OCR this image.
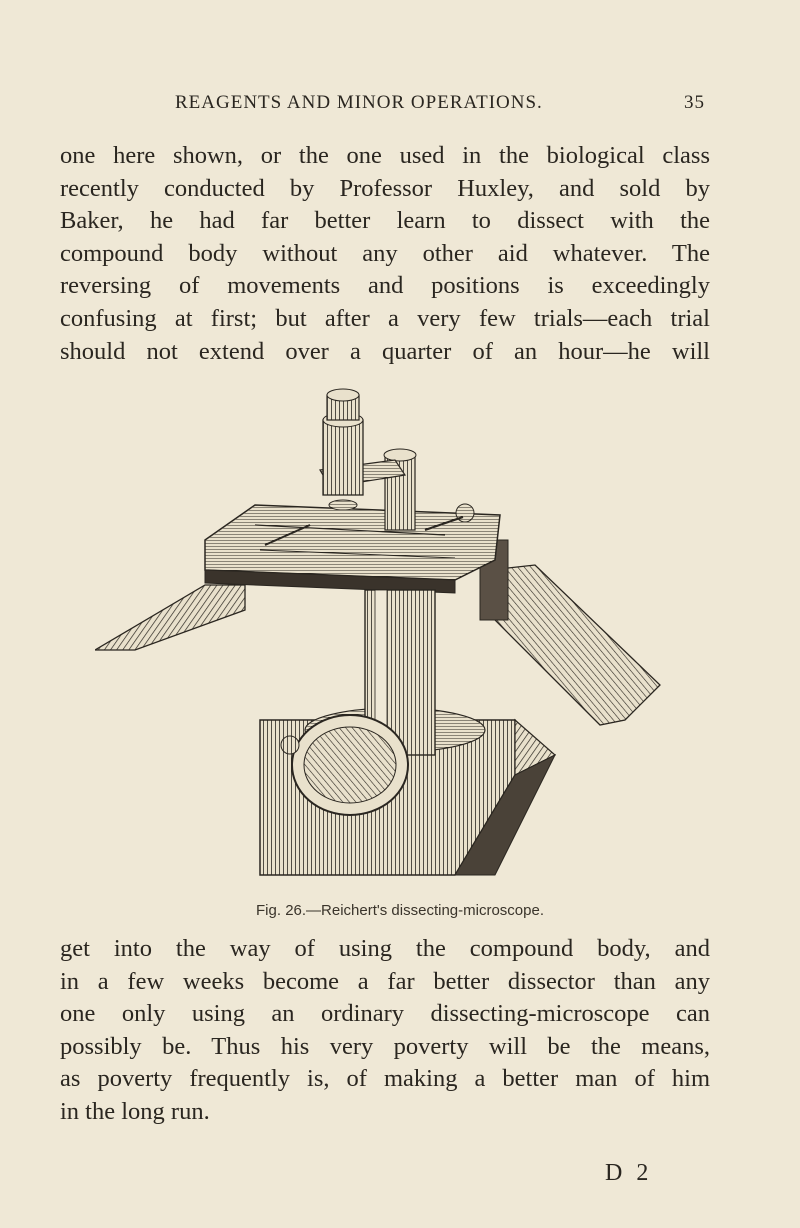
REAGENTS AND MINOR OPERATIONS.	35
one here shown, or the one used in the biological class
recently conducted by Professor Huxley, and sold by
Baker, he had far better learn to dissect with the
compound body without any other aid whatever. The
reversing of movements and positions is exceedingly
confusing at first; but after a very few trials—each trial
should not extend over a quarter of an hour—he will
Fig. 26.—Reichert's dissecting-microscope.
get into the way of using the compound body, and
in a few weeks become a far better dissector than any
one only using an ordinary dissecting-microscope can
possibly be. Thus his very poverty will be the means,
as poverty frequently is, of making a better man of him
in the long run.
D 2
